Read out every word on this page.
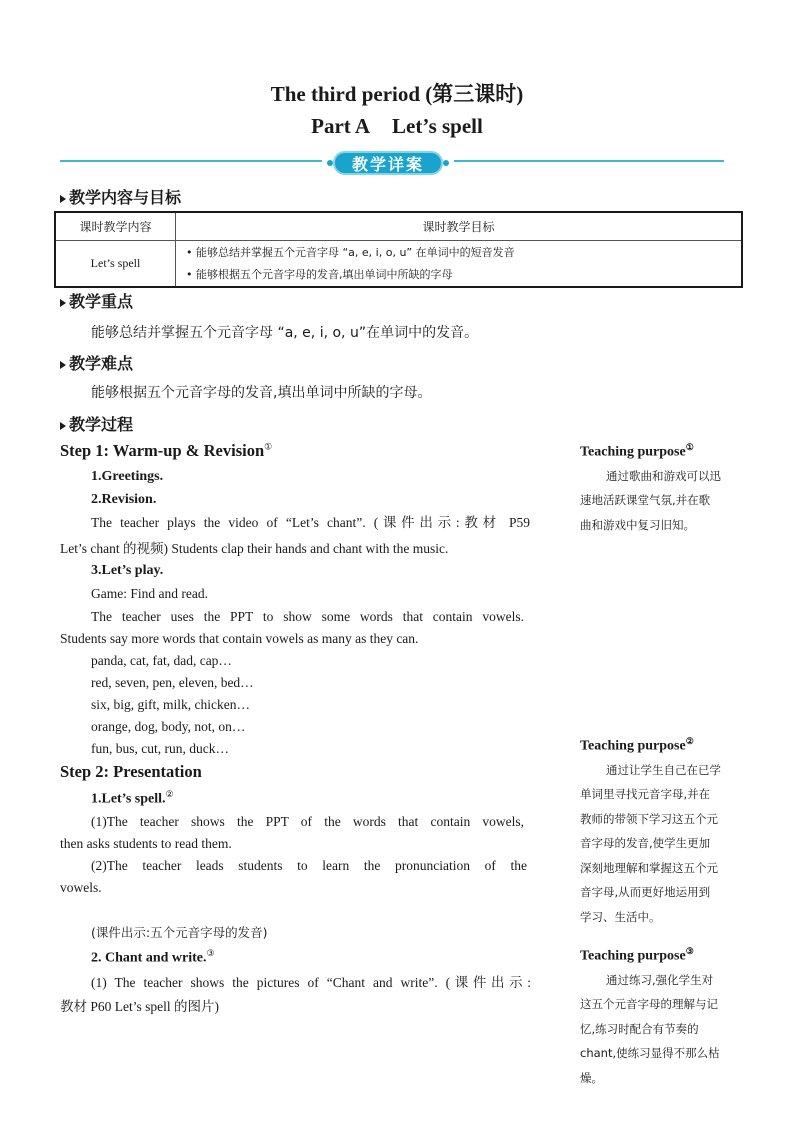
The third period (第三课时)
Part A Let’s spell
教学详案
教学内容与目标
课时教学内容	课时教学目标
Let’s spell	• 能够总结并掌握五个元音字母 “a, e, i, o, u” 在单词中的短音发音
• 能够根据五个元音字母的发音,填出单词中所缺的字母
教学重点
能够总结并掌握五个元音字母 “a, e, i, o, u”在单词中的发音。
教学难点
能够根据五个元音字母的发音,填出单词中所缺的字母。
教学过程
Step 1: Warm-up & Revision①
1.Greetings.
2.Revision.
The teacher plays the video of “Let’s chant”. (课件出示:教材 P59
Let’s chant 的视频) Students clap their hands and chant with the music.
3.Let’s play.
Game: Find and read.
The teacher uses the PPT to show some words that contain vowels.
Students say more words that contain vowels as many as they can.
panda, cat, fat, dad, cap…
red, seven, pen, eleven, bed…
six, big, gift, milk, chicken…
orange, dog, body, not, on…
fun, bus, cut, run, duck…
Step 2: Presentation
1.Let’s spell.②
(1)The teacher shows the PPT of the words that contain vowels,
then asks students to read them.
(2)The teacher leads students to learn the pronunciation of the
vowels.
(课件出示:五个元音字母的发音)
2. Chant and write.③
(1) The teacher shows the pictures of “Chant and write”. (课件出示:
教材 P60 Let’s spell 的图片)
Teaching purpose①
通过歌曲和游戏可以迅
速地活跃课堂气氛,并在歌
曲和游戏中复习旧知。
Teaching purpose②
通过让学生自己在已学
单词里寻找元音字母,并在
教师的带领下学习这五个元
音字母的发音,使学生更加
深刻地理解和掌握这五个元
音字母,从而更好地运用到
学习、生活中。
Teaching purpose③
通过练习,强化学生对
这五个元音字母的理解与记
忆,练习时配合有节奏的
chant,使练习显得不那么枯
燥。
